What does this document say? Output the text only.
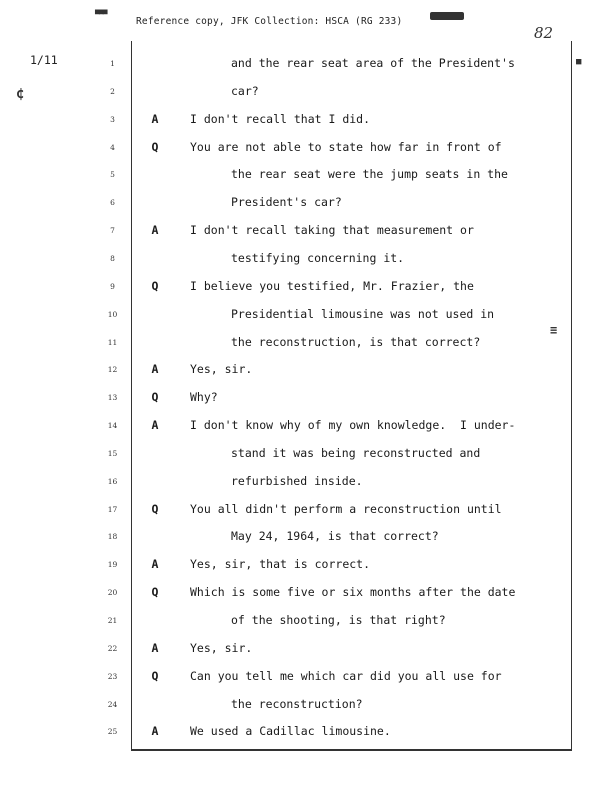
▀▀▀
Reference copy, JFK Collection: HSCA (RG 233)
82
1/11
¢
■
≡
1	and the rear seat area of the President's
2	car?
3	A	I don't recall that I did.
4	Q	You are not able to state how far in front of
5	the rear seat were the jump seats in the
6	President's car?
7	A	I don't recall taking that measurement or
8	testifying concerning it.
9	Q	I believe you testified, Mr. Frazier, the
10	Presidential limousine was not used in
11	the reconstruction, is that correct?
12	A	Yes, sir.
13	Q	Why?
14	A	I don't know why of my own knowledge.  I under-
15	stand it was being reconstructed and
16	refurbished inside.
17	Q	You all didn't perform a reconstruction until
18	May 24, 1964, is that correct?
19	A	Yes, sir, that is correct.
20	Q	Which is some five or six months after the date
21	of the shooting, is that right?
22	A	Yes, sir.
23	Q	Can you tell me which car did you all use for
24	the reconstruction?
25	A	We used a Cadillac limousine.
